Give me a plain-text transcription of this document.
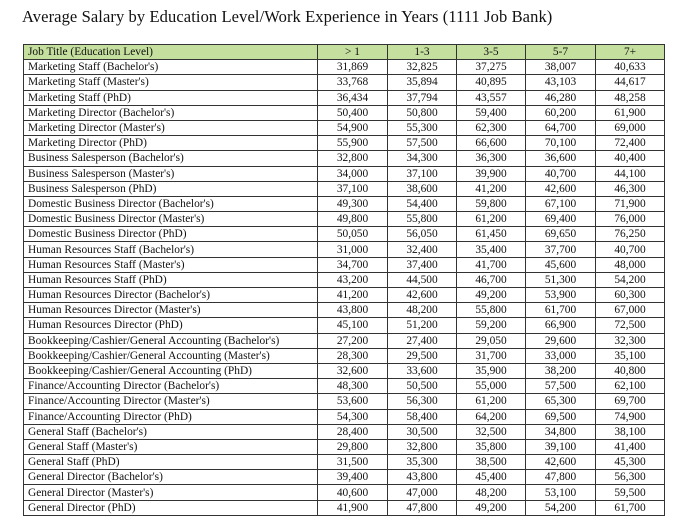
Average Salary by Education Level/Work Experience in Years (1111 Job Bank)
Job Title (Education Level)	> 1	1-3	3-5	5-7	7+
Marketing Staff (Bachelor's)	31,869	32,825	37,275	38,007	40,633
Marketing Staff (Master's)	33,768	35,894	40,895	43,103	44,617
Marketing Staff (PhD)	36,434	37,794	43,557	46,280	48,258
Marketing Director (Bachelor's)	50,400	50,800	59,400	60,200	61,900
Marketing Director (Master's)	54,900	55,300	62,300	64,700	69,000
Marketing Director (PhD)	55,900	57,500	66,600	70,100	72,400
Business Salesperson (Bachelor's)	32,800	34,300	36,300	36,600	40,400
Business Salesperson (Master's)	34,000	37,100	39,900	40,700	44,100
Business Salesperson (PhD)	37,100	38,600	41,200	42,600	46,300
Domestic Business Director (Bachelor's)	49,300	54,400	59,800	67,100	71,900
Domestic Business Director (Master's)	49,800	55,800	61,200	69,400	76,000
Domestic Business Director (PhD)	50,050	56,050	61,450	69,650	76,250
Human Resources Staff (Bachelor's)	31,000	32,400	35,400	37,700	40,700
Human Resources Staff (Master's)	34,700	37,400	41,700	45,600	48,000
Human Resources Staff (PhD)	43,200	44,500	46,700	51,300	54,200
Human Resources Director (Bachelor's)	41,200	42,600	49,200	53,900	60,300
Human Resources Director (Master's)	43,800	48,200	55,800	61,700	67,000
Human Resources Director (PhD)	45,100	51,200	59,200	66,900	72,500
Bookkeeping/Cashier/General Accounting (Bachelor's)	27,200	27,400	29,050	29,600	32,300
Bookkeeping/Cashier/General Accounting (Master's)	28,300	29,500	31,700	33,000	35,100
Bookkeeping/Cashier/General Accounting (PhD)	32,600	33,600	35,900	38,200	40,800
Finance/Accounting Director (Bachelor's)	48,300	50,500	55,000	57,500	62,100
Finance/Accounting Director (Master's)	53,600	56,300	61,200	65,300	69,700
Finance/Accounting Director (PhD)	54,300	58,400	64,200	69,500	74,900
General Staff (Bachelor's)	28,400	30,500	32,500	34,800	38,100
General Staff (Master's)	29,800	32,800	35,800	39,100	41,400
General Staff (PhD)	31,500	35,300	38,500	42,600	45,300
General Director (Bachelor's)	39,400	43,800	45,400	47,800	56,300
General Director (Master's)	40,600	47,000	48,200	53,100	59,500
General Director (PhD)	41,900	47,800	49,200	54,200	61,700
